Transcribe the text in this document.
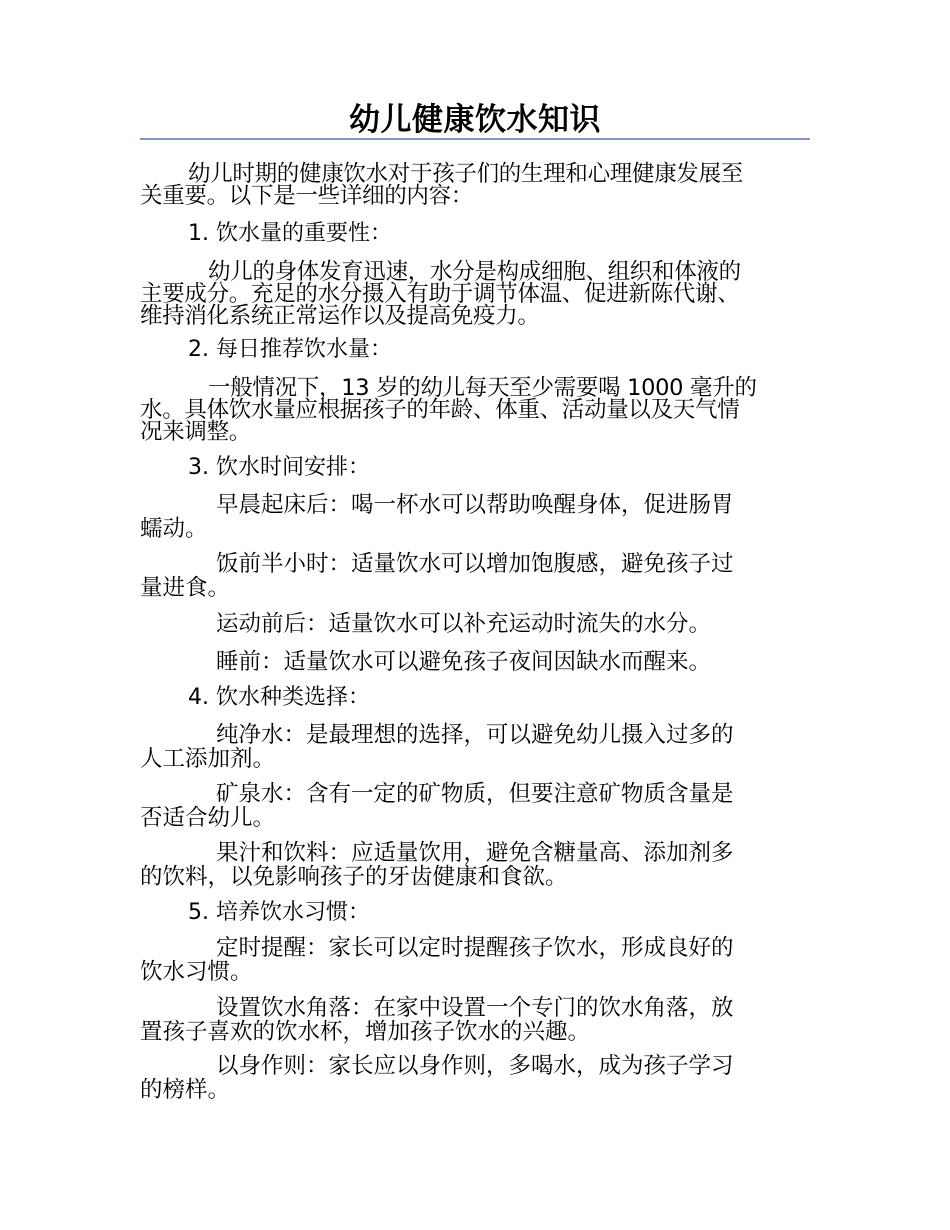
幼儿健康饮水知识
幼儿时期的健康饮水对于孩子们的生理和心理健康发展至
关重要。以下是一些详细的内容：
1. 饮水量的重要性：
幼儿的身体发育迅速，水分是构成细胞、组织和体液的
主要成分。充足的水分摄入有助于调节体温、促进新陈代谢、
维持消化系统正常运作以及提高免疫力。
2. 每日推荐饮水量：
一般情况下，13 岁的幼儿每天至少需要喝 1000 毫升的
水。具体饮水量应根据孩子的年龄、体重、活动量以及天气情
况来调整。
3. 饮水时间安排：
早晨起床后：喝一杯水可以帮助唤醒身体，促进肠胃
蠕动。
饭前半小时：适量饮水可以增加饱腹感，避免孩子过
量进食。
运动前后：适量饮水可以补充运动时流失的水分。
睡前：适量饮水可以避免孩子夜间因缺水而醒来。
4. 饮水种类选择：
纯净水：是最理想的选择，可以避免幼儿摄入过多的
人工添加剂。
矿泉水：含有一定的矿物质，但要注意矿物质含量是
否适合幼儿。
果汁和饮料：应适量饮用，避免含糖量高、添加剂多
的饮料，以免影响孩子的牙齿健康和食欲。
5. 培养饮水习惯：
定时提醒：家长可以定时提醒孩子饮水，形成良好的
饮水习惯。
设置饮水角落：在家中设置一个专门的饮水角落，放
置孩子喜欢的饮水杯，增加孩子饮水的兴趣。
以身作则：家长应以身作则，多喝水，成为孩子学习
的榜样。
